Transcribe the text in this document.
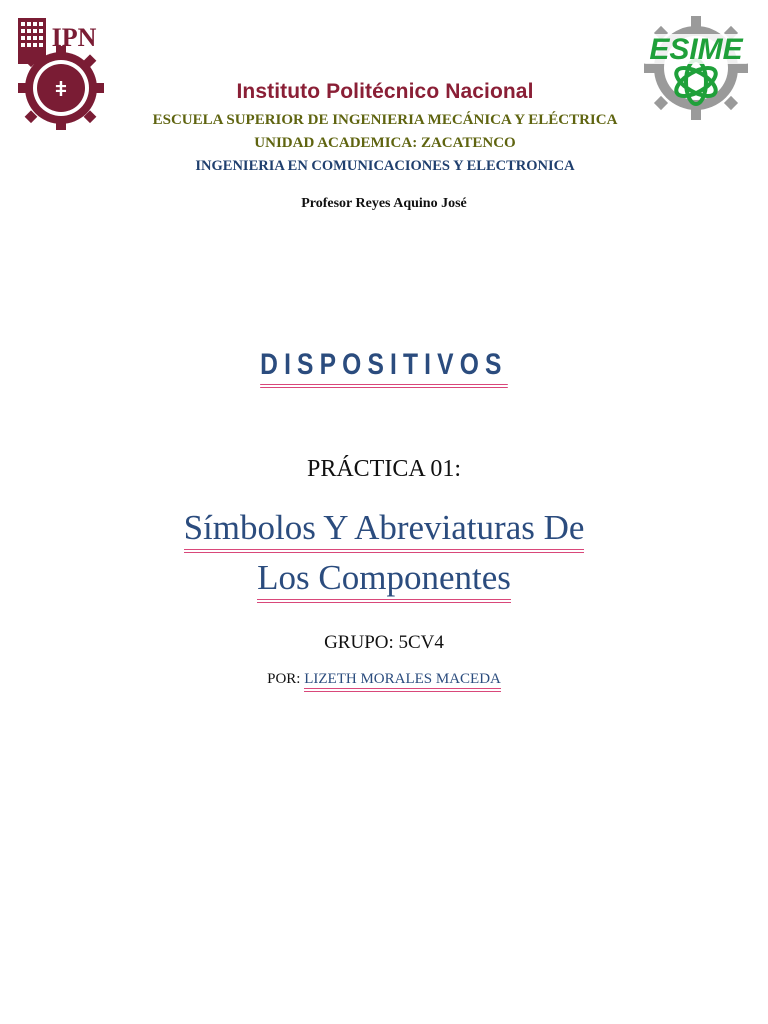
IPN
ǂ
ESIME
Instituto Politécnico Nacional
ESCUELA SUPERIOR DE INGENIERIA MECÁNICA Y ELÉCTRICA
UNIDAD ACADEMICA: ZACATENCO
INGENIERIA EN COMUNICACIONES Y ELECTRONICA
Profesor Reyes Aquino José
DISPOSITIVOS
PRÁCTICA 01:
Símbolos Y Abreviaturas De
Los Componentes
GRUPO: 5CV4
POR: LIZETH MORALES MACEDA
